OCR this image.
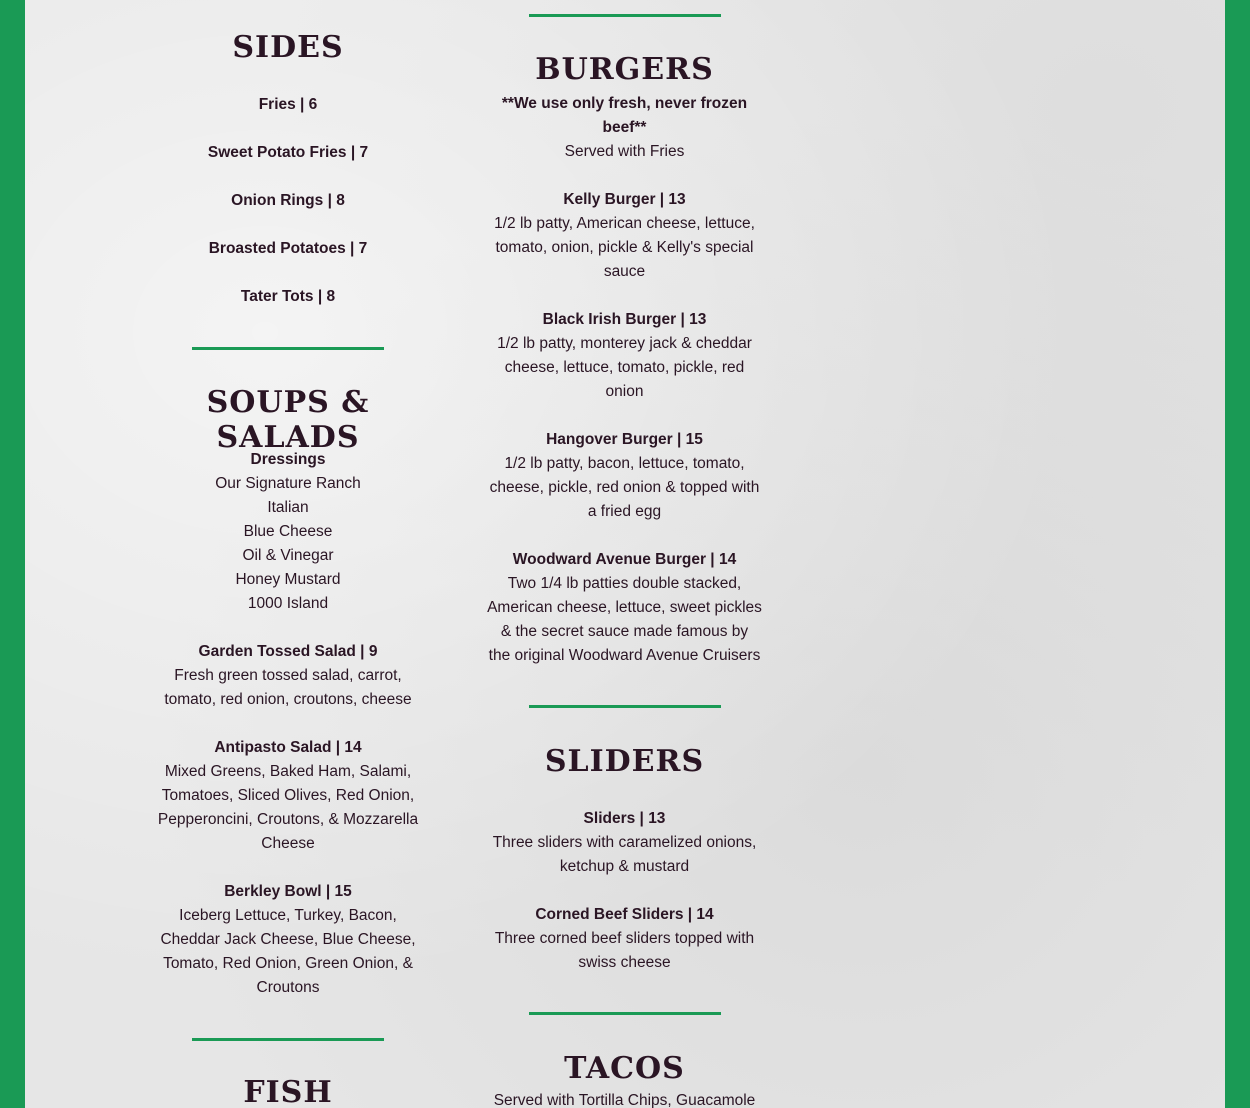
SIDES

Fries | 6

Sweet Potato Fries | 7

Onion Rings | 8

Broasted Potatoes | 7

Tater Tots | 8

SOUPS & SALADS

Dressings

Our Signature Ranch

Italian

Blue Cheese

Oil & Vinegar

Honey Mustard

1000 Island

Garden Tossed Salad | 9

Fresh green tossed salad, carrot,

tomato, red onion, croutons, cheese

Antipasto Salad | 14

Mixed Greens, Baked Ham, Salami,

Tomatoes, Sliced Olives, Red Onion,

Pepperoncini, Croutons, & Mozzarella

Cheese

Berkley Bowl | 15

Iceberg Lettuce, Turkey, Bacon,

Cheddar Jack Cheese, Blue Cheese,

Tomato, Red Onion, Green Onion, &

Croutons

FISH
BURGERS

**We use only fresh, never frozen

beef**

Served with Fries

Kelly Burger | 13

1/2 lb patty, American cheese, lettuce,

tomato, onion, pickle & Kelly's special

sauce

Black Irish Burger | 13

1/2 lb patty, monterey jack & cheddar

cheese, lettuce, tomato, pickle, red

onion

Hangover Burger | 15

1/2 lb patty, bacon, lettuce, tomato,

cheese, pickle, red onion & topped with

a fried egg

Woodward Avenue Burger | 14

Two 1/4 lb patties double stacked,

American cheese, lettuce, sweet pickles

& the secret sauce made famous by

the original Woodward Avenue Cruisers

SLIDERS

Sliders | 13

Three sliders with caramelized onions,

ketchup & mustard

Corned Beef Sliders | 14

Three corned beef sliders topped with

swiss cheese

TACOS

Served with Tortilla Chips, Guacamole
